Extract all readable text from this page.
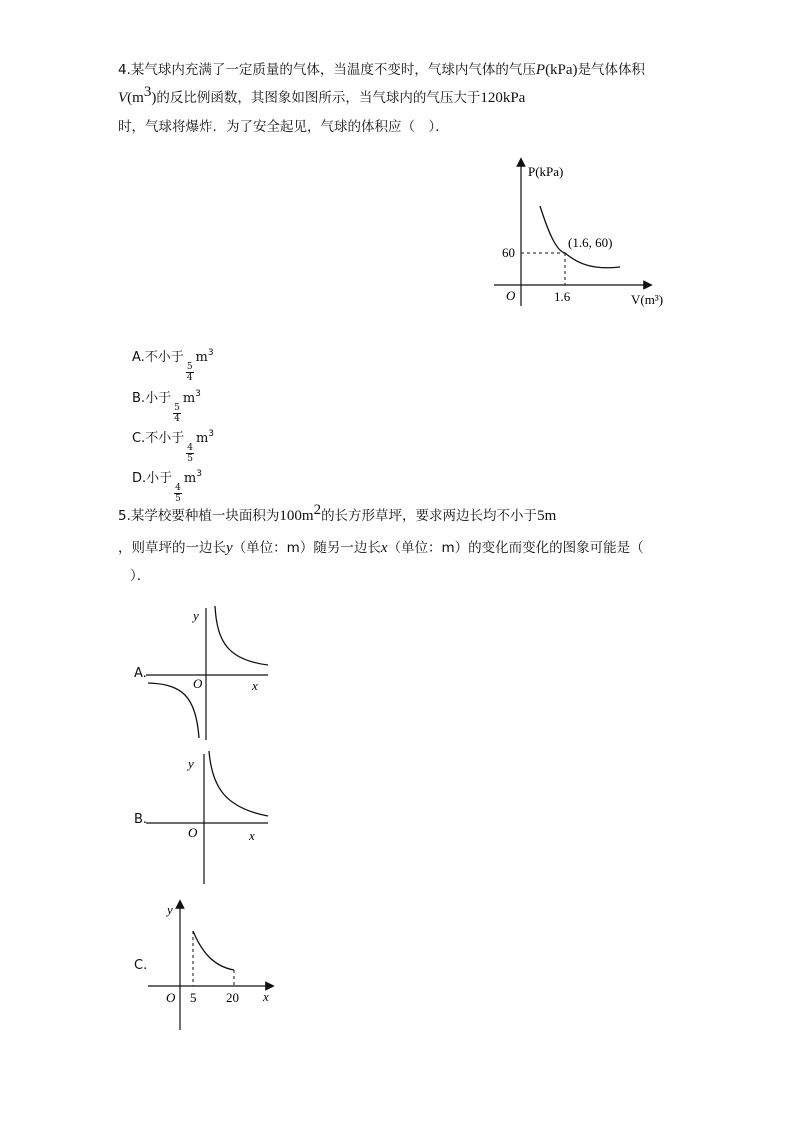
4.某气球内充满了一定质量的气体，当温度不变时，气球内气体的气压P(kPa)是气体体积
$V(m^3)$的反比例函数，其图象如图所示，当气球内的气压大于120kPa
时，气球将爆炸．为了安全起见，气球的体积应（　）．
P(kPa)
V(m³)
O
60
1.6
(1.6, 60)
A.不小于
$\frac{5}{4}$
$m^3$
B.小于
$\frac{5}{4}$
$m^3$
C.不小于
$\frac{4}{5}$
$m^3$
D.小于
$\frac{4}{5}$
$m^3$
5.某学校要种植一块面积为$100m^2$的长方形草坪，要求两边长均不小于5m
，则草坪的一边长y（单位：m）随另一边长x（单位：m）的变化而变化的图象可能是（
）．
A.
y
x
O
B.
y
x
O
C.
y
x
O 5 20
